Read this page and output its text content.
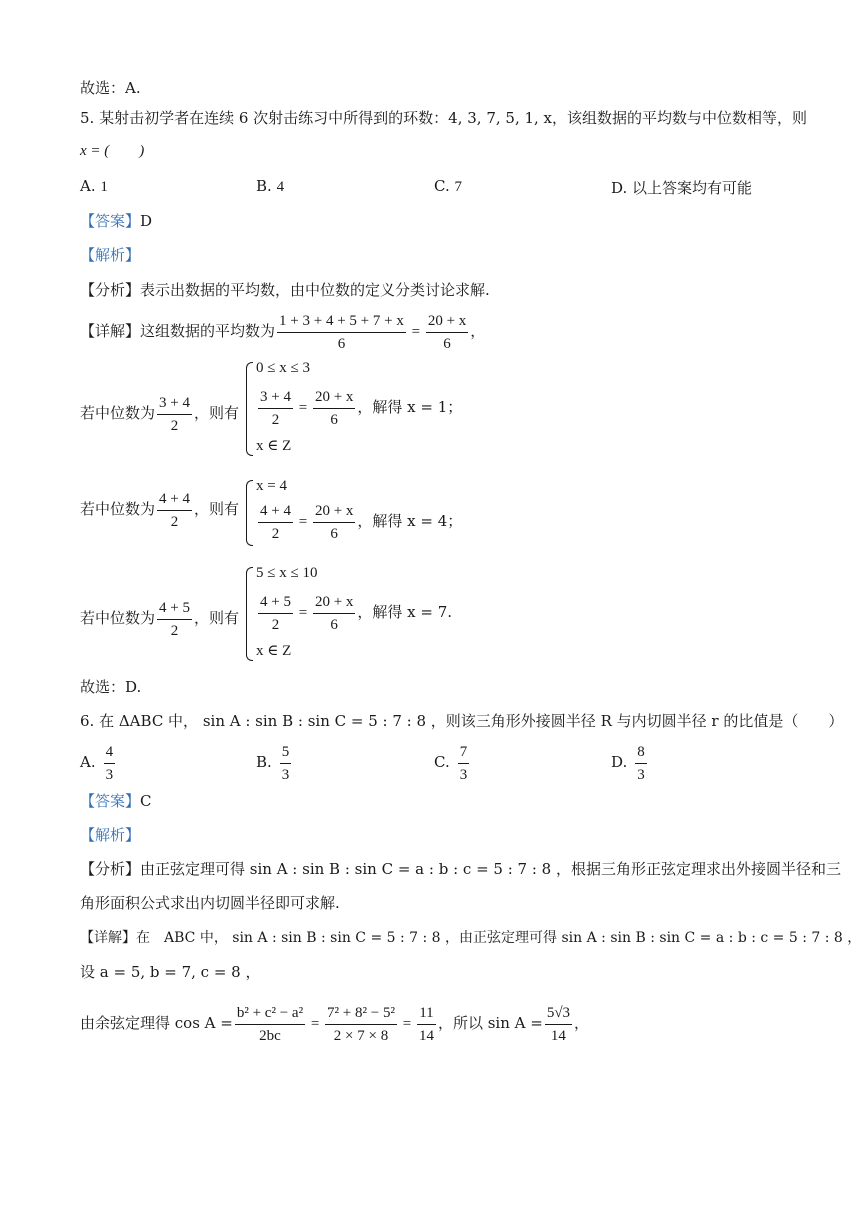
故选：A.
5. 某射击初学者在连续 6 次射击练习中所得到的环数：4, 3, 7, 5, 1, x，该组数据的平均数与中位数相等，则
x = (　　)
A. 1	B. 4	C. 7	D. 以上答案均有可能
【答案】D
【解析】
【分析】表示出数据的平均数，由中位数的定义分类讨论求解.
【详解】这组数据的平均数为 $\frac{1 + 3 + 4 + 5 + 7 + x}{6} = \frac{20 + x}{6}$ ，
若中位数为 $\frac{3 + 4}{2}$ ，则有
0 ≤ x ≤ 3
$\frac{3 + 4}{2} = \frac{20 + x}{6}$ ，解得 x = 1；
x ∈ Z
若中位数为 $\frac{4 + 4}{2}$ ，则有
x = 4
$\frac{4 + 4}{2} = \frac{20 + x}{6}$ ，解得 x = 4；
若中位数为 $\frac{4 + 5}{2}$ ，则有
5 ≤ x ≤ 10
$\frac{4 + 5}{2} = \frac{20 + x}{6}$ ，解得 x = 7.
x ∈ Z
故选：D.
6. 在 ΔABC 中， sin A : sin B : sin C = 5 : 7 : 8 ，则该三角形外接圆半径 R 与内切圆半径 r 的比值是（　　）
A. $\frac{4}{3}$	B. $\frac{5}{3}$	C. $\frac{7}{3}$	D. $\frac{8}{3}$
【答案】C
【解析】
【分析】由正弦定理可得 sin A : sin B : sin C = a : b : c = 5 : 7 : 8 ，根据三角形正弦定理求出外接圆半径和三
角形面积公式求出内切圆半径即可求解.
【详解】在　ABC 中， sin A : sin B : sin C = 5 : 7 : 8 ，由正弦定理可得 sin A : sin B : sin C = a : b : c = 5 : 7 : 8 ，
设 a = 5, b = 7, c = 8 ，
由余弦定理得 $\cos A = \frac{\text{b² + c² − a²}}{2bc} = \frac{\text{7² + 8² − 5²}}{2 \times 7 \times 8} = \frac{11}{14}$ ，所以 $\sin A = \frac{5√3}{14}$ ，
